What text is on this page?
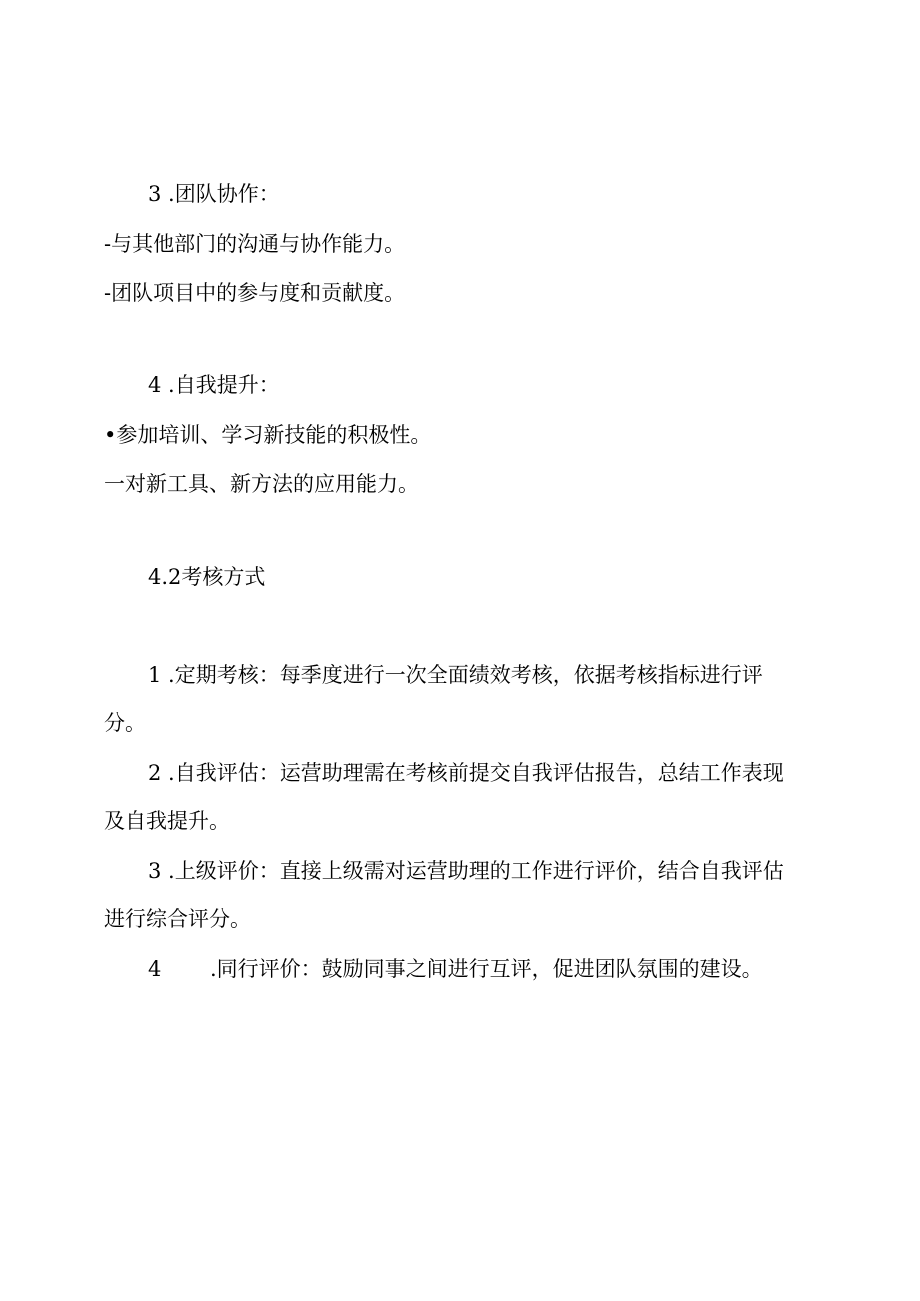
3 .团队协作：

-与其他部门的沟通与协作能力。

-团队项目中的参与度和贡献度。

4 .自我提升：

•参加培训、学习新技能的积极性。

一对新工具、新方法的应用能力。

4.2考核方式

1 .定期考核：每季度进行一次全面绩效考核，依据考核指标进行评

分。

2 .自我评估：运营助理需在考核前提交自我评估报告，总结工作表现

及自我提升。

3 .上级评价：直接上级需对运营助理的工作进行评价，结合自我评估

进行综合评分。

4 .同行评价：鼓励同事之间进行互评，促进团队氛围的建设。
